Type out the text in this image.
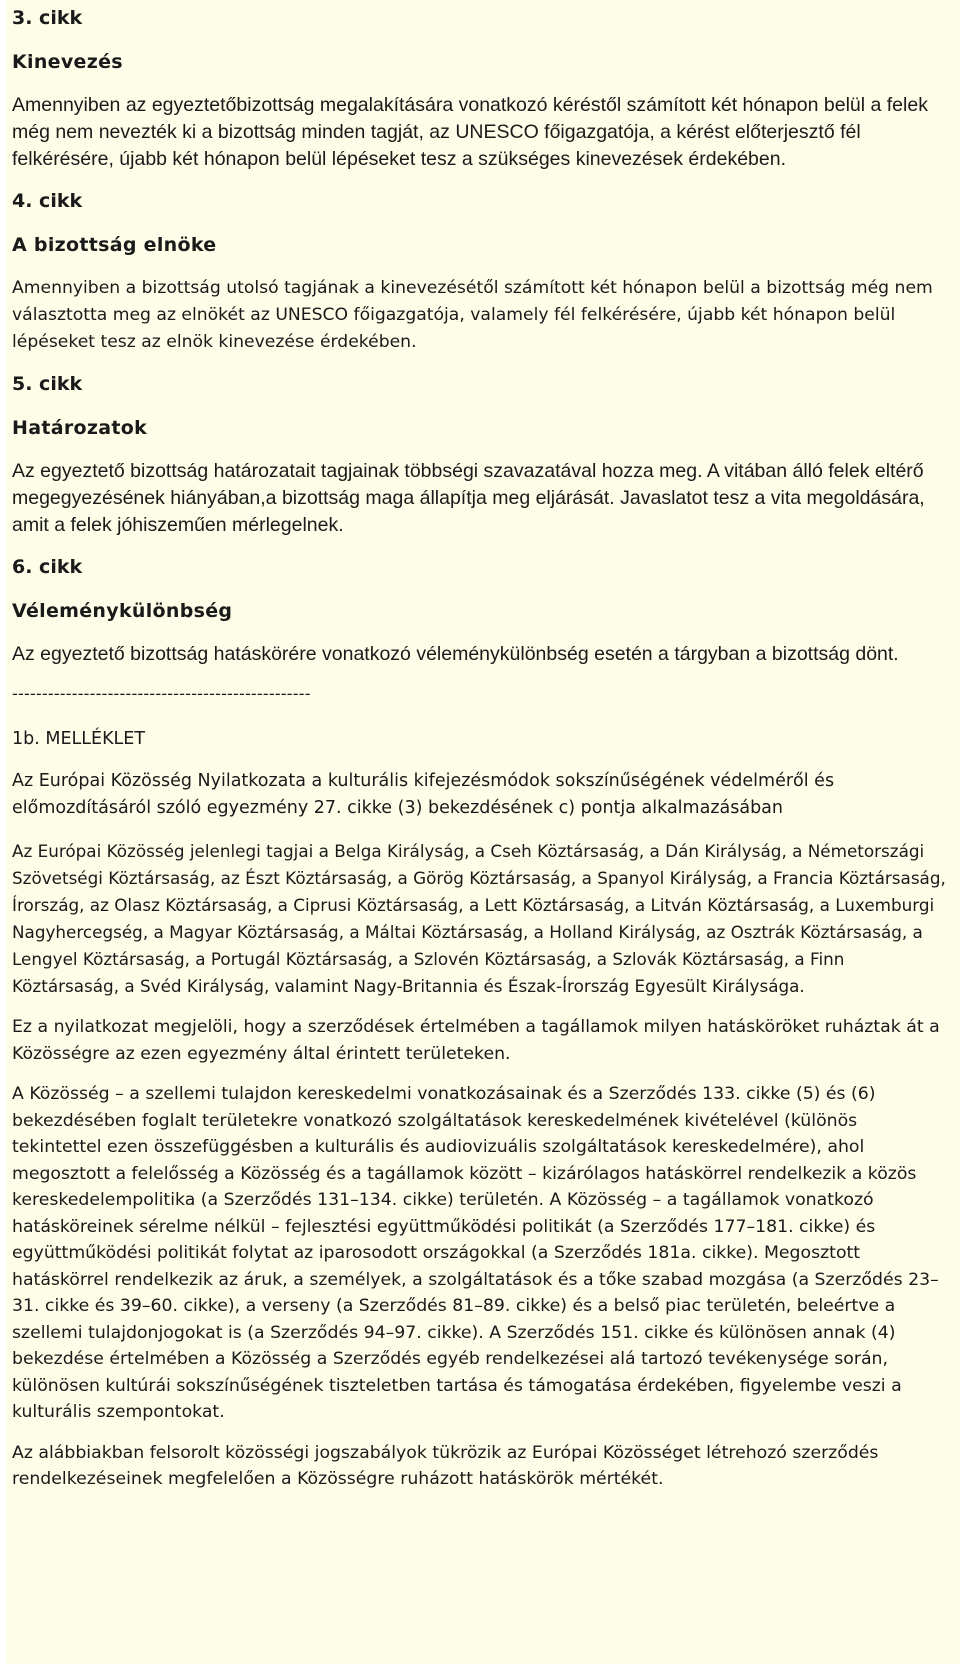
3. cikk

Kinevezés

Amennyiben az egyeztetőbizottság megalakítására vonatkozó kéréstől számított két hónapon belül a felek még nem nevezték ki a bizottság minden tagját, az UNESCO főigazgatója, a kérést előterjesztő fél felkérésére, újabb két hónapon belül lépéseket tesz a szükséges kinevezések érdekében.

4. cikk

A bizottság elnöke

Amennyiben a bizottság utolsó tagjának a kinevezésétől számított két hónapon belül a bizottság még nem választotta meg az elnökét az UNESCO főigazgatója, valamely fél felkérésére, újabb két hónapon belül lépéseket tesz az elnök kinevezése érdekében.

5. cikk

Határozatok

Az egyeztető bizottság határozatait tagjainak többségi szavazatával hozza meg. A vitában álló felek eltérő megegyezésének hiányában,a bizottság maga állapítja meg eljárását. Javaslatot tesz a vita megoldására, amit a felek jóhiszeműen mérlegelnek.

6. cikk

Véleménykülönbség

Az egyeztető bizottság hatáskörére vonatkozó véleménykülönbség esetén a tárgyban a bizottság dönt.

--------------------------------------------------

1b. MELLÉKLET

Az Európai Közösség Nyilatkozata a kulturális kifejezésmódok sokszínűségének védelméről és előmozdításáról szóló egyezmény 27. cikke (3) bekezdésének c) pontja alkalmazásában

Az Európai Közösség jelenlegi tagjai a Belga Királyság, a Cseh Köztársaság, a Dán Királyság, a Németországi Szövetségi Köztársaság, az Észt Köztársaság, a Görög Köztársaság, a Spanyol Királyság, a Francia Köztársaság, Írország, az Olasz Köztársaság, a Ciprusi Köztársaság, a Lett Köztársaság, a Litván Köztársaság, a Luxemburgi Nagyhercegség, a Magyar Köztársaság, a Máltai Köztársaság, a Holland Királyság, az Osztrák Köztársaság, a Lengyel Köztársaság, a Portugál Köztársaság, a Szlovén Köztársaság, a Szlovák Köztársaság, a Finn Köztársaság, a Svéd Királyság, valamint Nagy-Britannia és Észak-Írország Egyesült Királysága.

Ez a nyilatkozat megjelöli, hogy a szerződések értelmében a tagállamok milyen hatásköröket ruháztak át a Közösségre az ezen egyezmény által érintett területeken.

A Közösség – a szellemi tulajdon kereskedelmi vonatkozásainak és a Szerződés 133. cikke (5) és (6) bekezdésében foglalt területekre vonatkozó szolgáltatások kereskedelmének kivételével (különös tekintettel ezen összefüggésben a kulturális és audiovizuális szolgáltatások kereskedelmére), ahol megosztott a felelősség a Közösség és a tagállamok között – kizárólagos hatáskörrel rendelkezik a közös kereskedelempolitika (a Szerződés 131–134. cikke) területén. A Közösség – a tagállamok vonatkozó hatásköreinek sérelme nélkül – fejlesztési együttműködési politikát (a Szerződés 177–181. cikke) és együttműködési politikát folytat az iparosodott országokkal (a Szerződés 181a. cikke). Megosztott hatáskörrel rendelkezik az áruk, a személyek, a szolgáltatások és a tőke szabad mozgása (a Szerződés 23–31. cikke és 39–60. cikke), a verseny (a Szerződés 81–89. cikke) és a belső piac területén, beleértve a szellemi tulajdonjogokat is (a Szerződés 94–97. cikke). A Szerződés 151. cikke és különösen annak (4) bekezdése értelmében a Közösség a Szerződés egyéb rendelkezései alá tartozó tevékenysége során, különösen kultúrái sokszínűségének tiszteletben tartása és támogatása érdekében, figyelembe veszi a kulturális szempontokat.

Az alábbiakban felsorolt közösségi jogszabályok tükrözik az Európai Közösséget létrehozó szerződés rendelkezéseinek megfelelően a Közösségre ruházott hatáskörök mértékét.
